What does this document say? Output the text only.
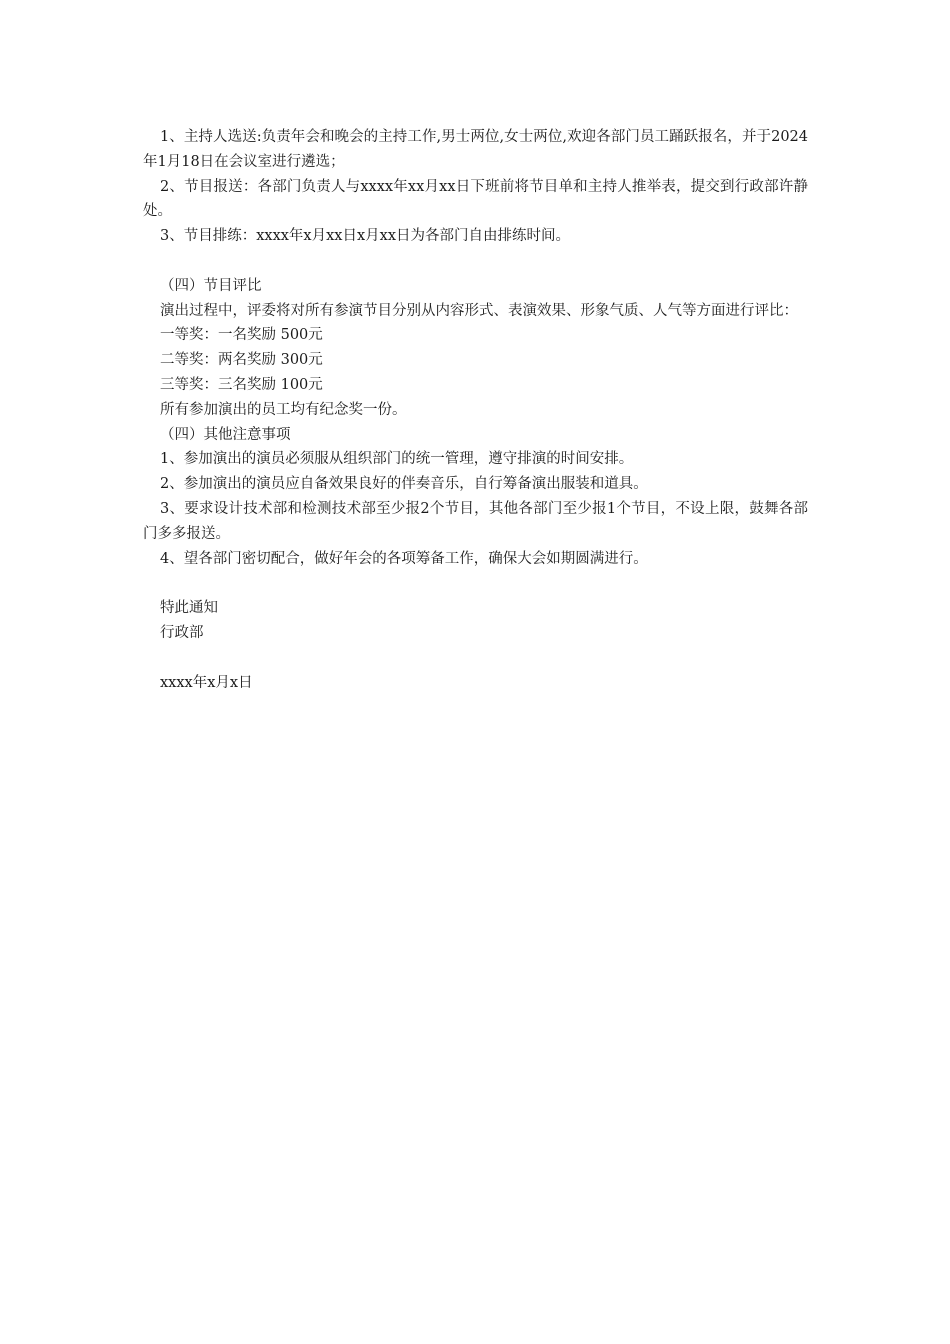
1、主持人选送:负责年会和晚会的主持工作,男士两位,女士两位,欢迎各部门员工踊跃报名，并于2024年1月18日在会议室进行遴选；

2、节目报送：各部门负责人与xxxx年xx月xx日下班前将节目单和主持人推举表，提交到行政部许静处。

3、节目排练：xxxx年x月xx日x月xx日为各部门自由排练时间。

（四）节目评比

演出过程中，评委将对所有参演节目分别从内容形式、表演效果、形象气质、人气等方面进行评比：

一等奖：一名奖励 500元

二等奖：两名奖励 300元

三等奖：三名奖励 100元

所有参加演出的员工均有纪念奖一份。

（四）其他注意事项

1、参加演出的演员必须服从组织部门的统一管理，遵守排演的时间安排。

2、参加演出的演员应自备效果良好的伴奏音乐，自行筹备演出服装和道具。

3、要求设计技术部和检测技术部至少报2个节目，其他各部门至少报1个节目，不设上限，鼓舞各部门多多报送。

4、望各部门密切配合，做好年会的各项筹备工作，确保大会如期圆满进行。

特此通知

行政部

xxxx年x月x日
